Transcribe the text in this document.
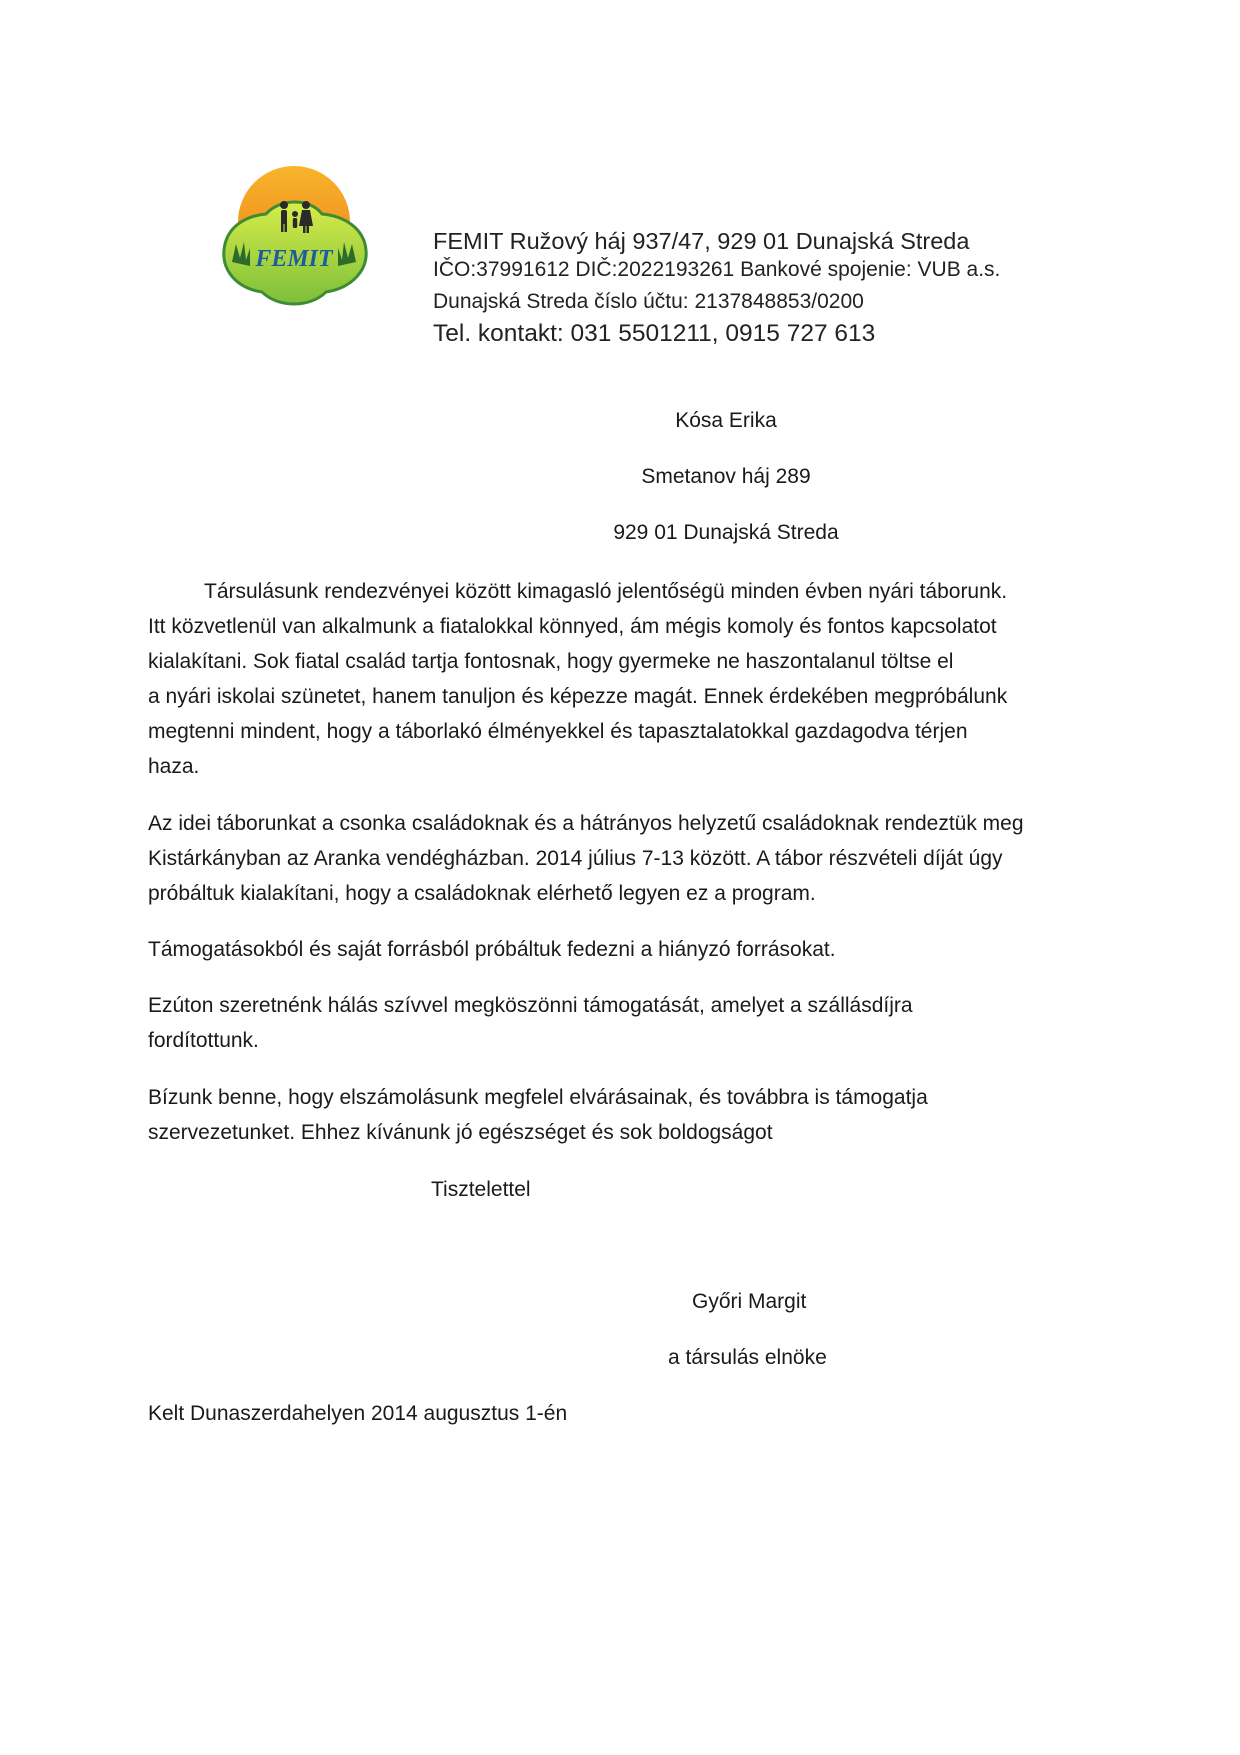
FEMIT
FEMIT Ružový háj 937/47, 929 01 Dunajská Streda
IČO:37991612 DIČ:2022193261 Bankové spojenie: VUB a.s.
Dunajská Streda číslo účtu: 2137848853/0200
Tel. kontakt: 031 5501211, 0915 727 613
Kósa Erika
Smetanov háj 289
929 01 Dunajská Streda
Társulásunk rendezvényei között kimagasló jelentőségü minden évben nyári táborunk.
Itt közvetlenül van alkalmunk a fiatalokkal könnyed, ám mégis komoly és fontos kapcsolatot
kialakítani. Sok fiatal család tartja fontosnak, hogy gyermeke ne haszontalanul töltse el
a nyári iskolai szünetet, hanem tanuljon és képezze magát. Ennek érdekében megpróbálunk
megtenni mindent, hogy a táborlakó élményekkel és tapasztalatokkal gazdagodva térjen
haza.
Az idei táborunkat a csonka családoknak és a hátrányos helyzetű családoknak rendeztük meg
Kistárkányban az Aranka vendégházban. 2014 július 7-13 között. A tábor részvételi díját úgy
próbáltuk kialakítani, hogy a családoknak elérhető legyen ez a program.
Támogatásokból és saját forrásból próbáltuk fedezni a hiányzó forrásokat.
Ezúton szeretnénk hálás szívvel megköszönni támogatását, amelyet a szállásdíjra
fordítottunk.
Bízunk benne, hogy elszámolásunk megfelel elvárásainak, és továbbra is támogatja
szervezetunket. Ehhez kívánunk jó egészséget és sok boldogságot
Tisztelettel
Győri Margit
a társulás elnöke
Kelt Dunaszerdahelyen 2014 augusztus 1-én
